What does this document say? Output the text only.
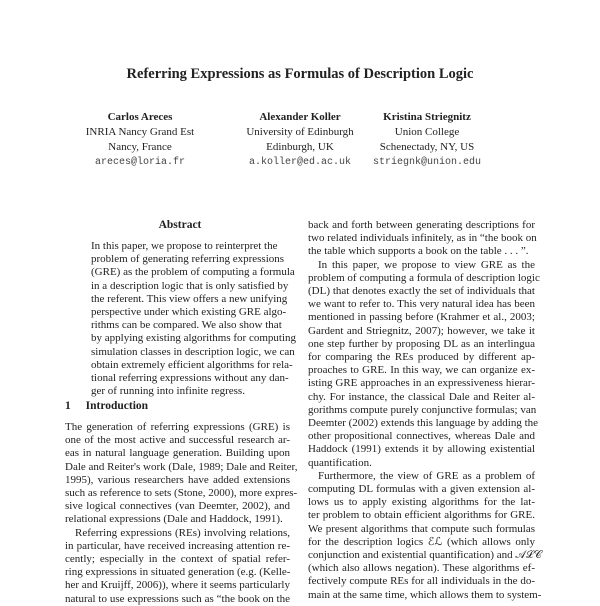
Referring Expressions as Formulas of Description Logic
Carlos Areces
INRIA Nancy Grand Est
Nancy, France
areces@loria.fr
Alexander Koller
University of Edinburgh
Edinburgh, UK
a.koller@ed.ac.uk
Kristina Striegnitz
Union College
Schenectady, NY, US
striegnk@union.edu
Abstract
1 Introduction
In this paper, we propose to reinterpret the
problem of generating referring expressions
(GRE) as the problem of computing a formula
in a description logic that is only satisfied by
the referent. This view offers a new unifying
perspective under which existing GRE algo-
rithms can be compared. We also show that
by applying existing algorithms for computing
simulation classes in description logic, we can
obtain extremely efficient algorithms for rela-
tional referring expressions without any dan-
ger of running into infinite regress.
The generation of referring expressions (GRE) is
one of the most active and successful research ar-
eas in natural language generation. Building upon
Dale and Reiter's work (Dale, 1989; Dale and Reiter,
1995), various researchers have added extensions
such as reference to sets (Stone, 2000), more expres-
sive logical connectives (van Deemter, 2002), and
relational expressions (Dale and Haddock, 1991).
Referring expressions (REs) involving relations,
in particular, have received increasing attention re-
cently; especially in the context of spatial refer-
ring expressions in situated generation (e.g. (Kelle-
her and Kruijff, 2006)), where it seems particularly
natural to use expressions such as “the book on the
back and forth between generating descriptions for
two related individuals infinitely, as in “the book on
the table which supports a book on the table . . . ”.
In this paper, we propose to view GRE as the
problem of computing a formula of description logic
(DL) that denotes exactly the set of individuals that
we want to refer to. This very natural idea has been
mentioned in passing before (Krahmer et al., 2003;
Gardent and Striegnitz, 2007); however, we take it
one step further by proposing DL as an interlingua
for comparing the REs produced by different ap-
proaches to GRE. In this way, we can organize ex-
isting GRE approaches in an expressiveness hierar-
chy. For instance, the classical Dale and Reiter al-
gorithms compute purely conjunctive formulas; van
Deemter (2002) extends this language by adding the
other propositional connectives, whereas Dale and
Haddock (1991) extends it by allowing existential
quantification.
Furthermore, the view of GRE as a problem of
computing DL formulas with a given extension al-
lows us to apply existing algorithms for the lat-
ter problem to obtain efficient algorithms for GRE.
We present algorithms that compute such formulas
for the description logics ℰℒ (which allows only
conjunction and existential quantification) and 𝒜ℒ𝒞
(which also allows negation). These algorithms ef-
fectively compute REs for all individuals in the do-
main at the same time, which allows them to system-
